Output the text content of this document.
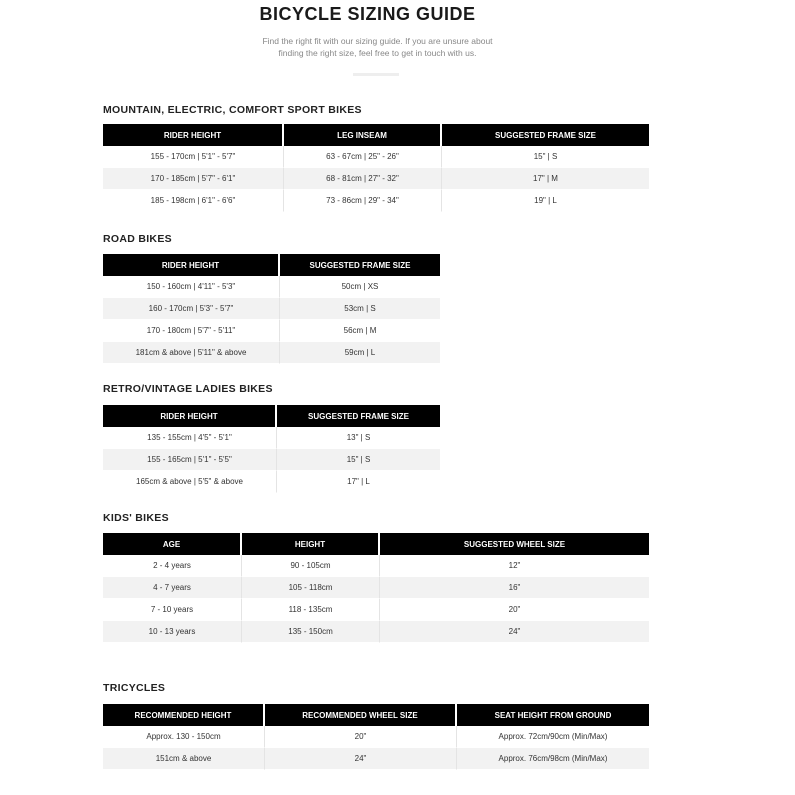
BICYCLE SIZING GUIDE
Find the right fit with our sizing guide. If you are unsure about
finding the right size, feel free to get in touch with us.
MOUNTAIN, ELECTRIC, COMFORT SPORT BIKES
RIDER HEIGHT	LEG INSEAM	SUGGESTED FRAME SIZE
155 - 170cm | 5'1" - 5'7"	63 - 67cm | 25" - 26"	15" | S
170 - 185cm | 5'7" - 6'1"	68 - 81cm | 27" - 32"	17" | M
185 - 198cm | 6'1" - 6'6"	73 - 86cm | 29" - 34"	19" | L
ROAD BIKES
RIDER HEIGHT	SUGGESTED FRAME SIZE
150 - 160cm | 4'11" - 5'3"	50cm | XS
160 - 170cm | 5'3" - 5'7"	53cm | S
170 - 180cm | 5'7" - 5'11"	56cm | M
181cm & above | 5'11" & above	59cm | L
RETRO/VINTAGE LADIES BIKES
RIDER HEIGHT	SUGGESTED FRAME SIZE
135 - 155cm | 4'5" - 5'1"	13" | S
155 - 165cm | 5'1" - 5'5"	15" | S
165cm & above | 5'5" & above	17" | L
KIDS' BIKES
AGE	HEIGHT	SUGGESTED WHEEL SIZE
2 - 4 years	90 - 105cm	12"
4 - 7 years	105 - 118cm	16"
7 - 10 years	118 - 135cm	20"
10 - 13 years	135 - 150cm	24"
TRICYCLES
RECOMMENDED HEIGHT	RECOMMENDED WHEEL SIZE	SEAT HEIGHT FROM GROUND
Approx. 130 - 150cm	20"	Approx. 72cm/90cm (Min/Max)
151cm & above	24"	Approx. 76cm/98cm (Min/Max)
